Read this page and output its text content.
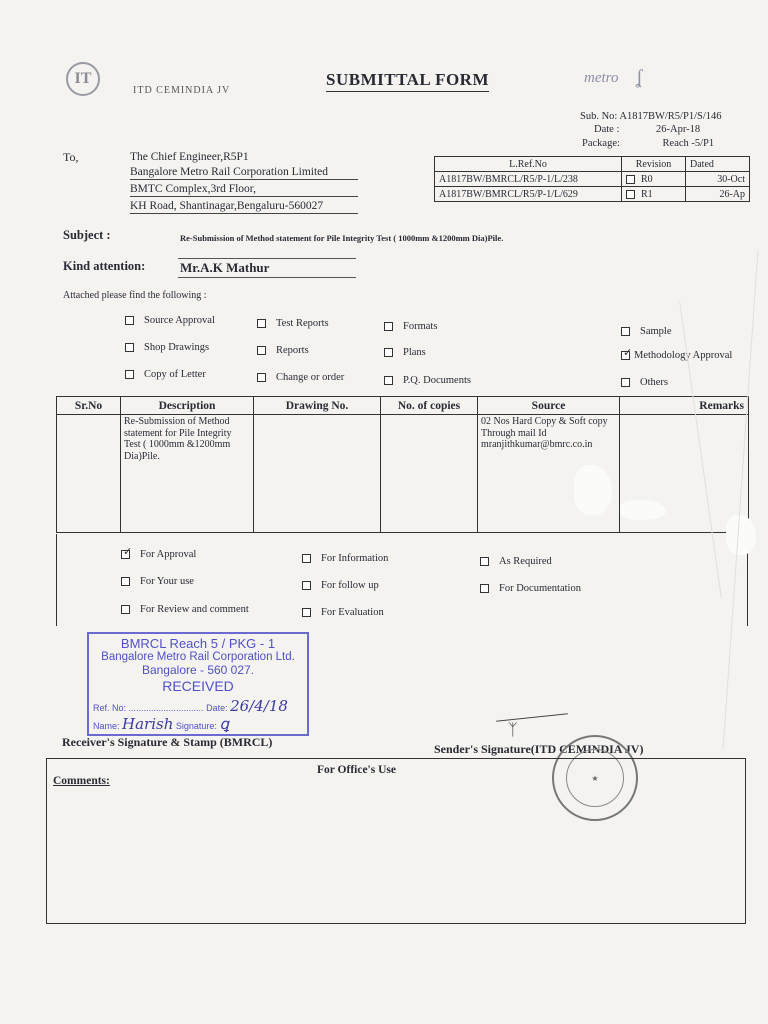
IT
ITD CEMINDIA JV
SUBMITTAL FORM	metro ʆ
Sub. No: A1817BW/R5/P1/S/146
Date :	26-Apr-18
Package:	Reach -5/P1
To,	The Chief Engineer,R5P1
Bangalore Metro Rail Corporation Limited
BMTC Complex,3rd Floor,
KH Road, Shantinagar,Bengaluru-560027
L.Ref.No	Revision	Dated
A1817BW/BMRCL/R5/P-1/L/238	R0	30-Oct
A1817BW/BMRCL/R5/P-1/L/629	R1	26-Ap
Subject :	Re-Submission of Method statement for Pile Integrity Test ( 1000mm &1200mm Dia)Pile.
Kind attention:	Mr.A.K Mathur
Attached please find the following :
Source Approval	Test Reports	Formats	Sample
Shop Drawings	Reports	Plans ✓	Methodology Approval
Copy of Letter	Change or order	P.Q. Documents	Others
Sr.No	Description	Drawing No.	No. of copies	Source	Remarks
	Re-Submission of Method statement for Pile Integrity Test ( 1000mm &1200mm Dia)Pile.			02 Nos Hard Copy & Soft copy Through mail Id mranjithkumar@bmrc.co.in	
✓
For Approval	For Information	As Required
For Your use	For follow up	For Documentation
For Review and comment	For Evaluation
BMRCL Reach 5 / PKG - 1
Bangalore Metro Rail Corporation Ltd.
Bangalore - 560 027.
RECEIVED
Ref. No: .............................. Date: 26/4/18
Name: Harish Signature: ꝗ
Receiver's Signature & Stamp (BMRCL)
ᛉ
Sender's Signature(ITD CEMINDIA JV)
★
For Office's Use
Comments:
